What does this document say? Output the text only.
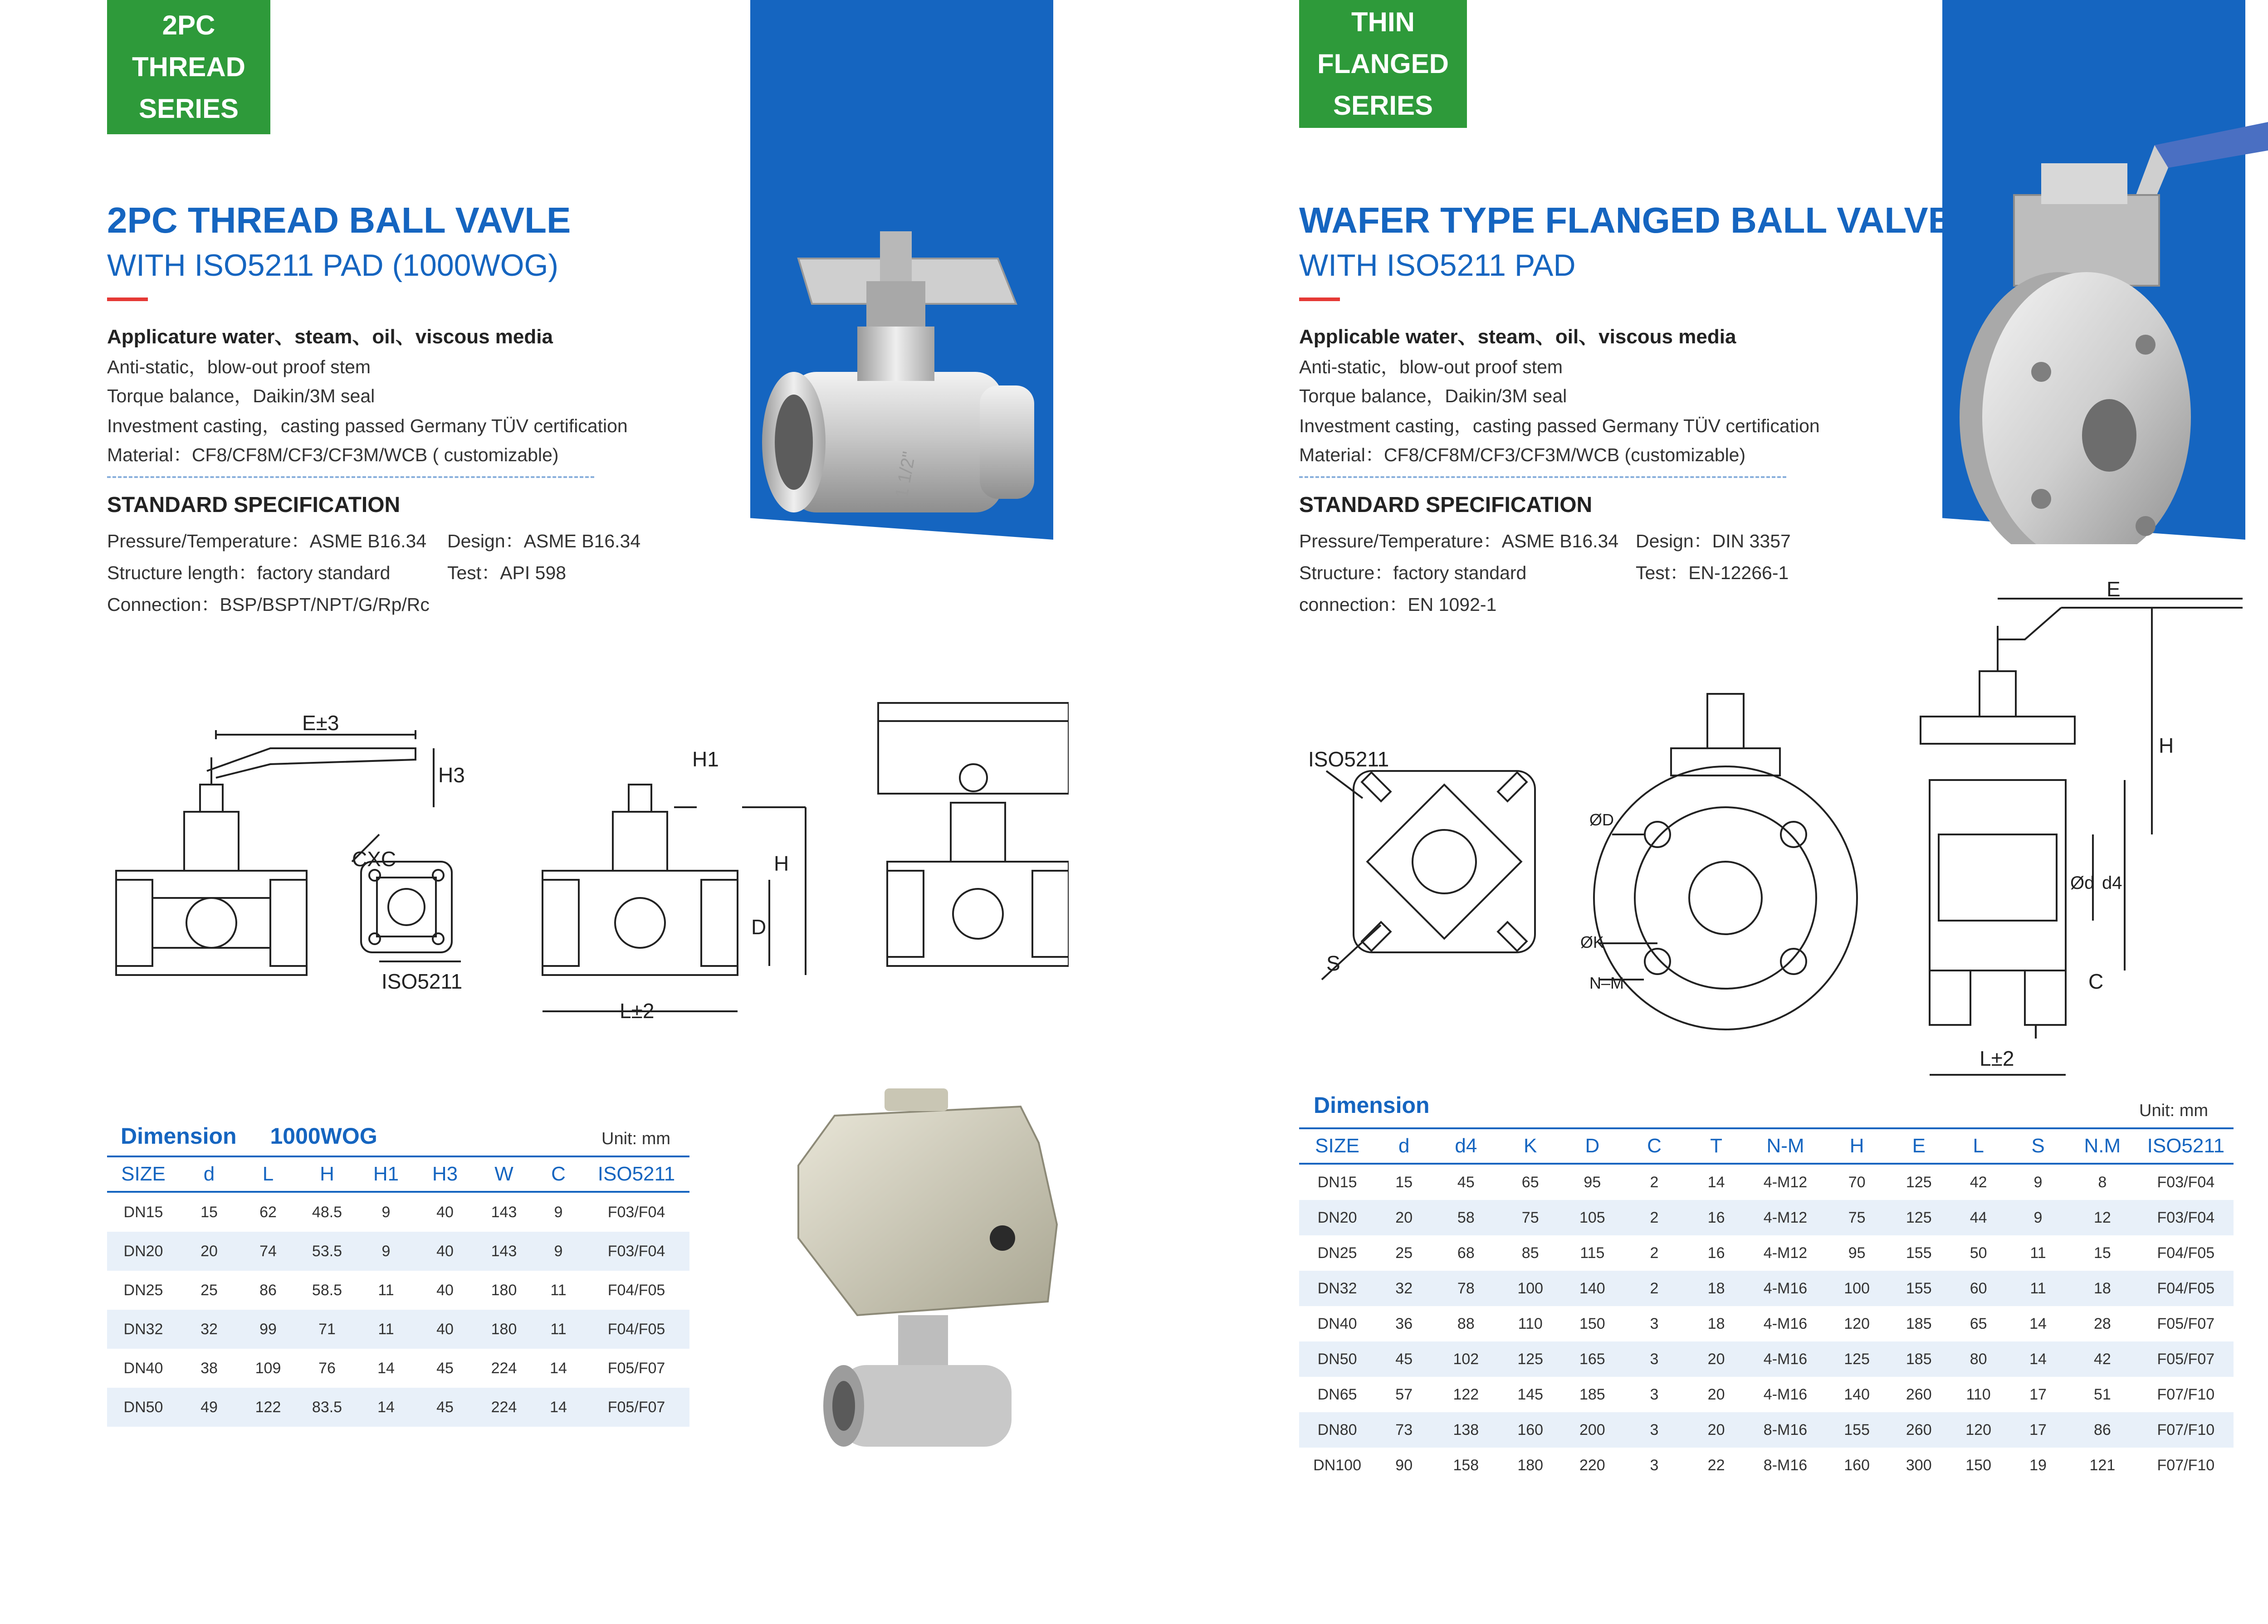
2PC THREAD
SERIES
2PC THREAD BALL VAVLE
WITH ISO5211 PAD (1000WOG)
Applicature water、steam、oil、viscous media
Anti-static，blow-out proof stem
Torque balance，Daikin/3M seal
Investment casting，casting passed Germany TÜV certification
Material：CF8/CF8M/CF3/CF3M/WCB ( customizable)
STANDARD SPECIFICATION
Pressure/Temperature：ASME B16.34 Design：ASME B16.34
Structure length：factory standard	Test：API 598
Connection：BSP/BSPT/NPT/G/Rp/Rc
1 1/2"
E±3
H3
CXC
ISO5211
H1
H
D
L±2
Dimension 1000WOG	Unit: mm
SIZE	d	L	H	H1	H3	W	C	ISO5211
DN15	15	62	48.5	9	40	143	9	F03/F04
DN20	20	74	53.5	9	40	143	9	F03/F04
DN25	25	86	58.5	11	40	180	11	F04/F05
DN32	32	99	71	11	40	180	11	F04/F05
DN40	38	109	76	14	45	224	14	F05/F07
DN50	49	122	83.5	14	45	224	14	F05/F07
THIN FLANGED
SERIES
WAFER TYPE FLANGED BALL VALVE
WITH ISO5211 PAD
Applicable water、steam、oil、viscous media
Anti-static，blow-out proof stem
Torque balance，Daikin/3M seal
Investment casting，casting passed Germany TÜV certification
Material：CF8/CF8M/CF3/CF3M/WCB (customizable)
STANDARD SPECIFICATION
Pressure/Temperature：ASME B16.34 Design：DIN 3357
Structure：factory standard	Test：EN-12266-1
connection：EN 1092-1
ISO5211
S
ØD
ØK
N–M
E
H
Ød d4
C
T
L±2
Dimension	Unit: mm
SIZE	d	d4	K	D	C	T	N-M	H	E	L	S	N.M	ISO5211
DN15	15	45	65	95	2	14	4-M12	70	125	42	9	8	F03/F04
DN20	20	58	75	105	2	16	4-M12	75	125	44	9	12	F03/F04
DN25	25	68	85	115	2	16	4-M12	95	155	50	11	15	F04/F05
DN32	32	78	100	140	2	18	4-M16	100	155	60	11	18	F04/F05
DN40	36	88	110	150	3	18	4-M16	120	185	65	14	28	F05/F07
DN50	45	102	125	165	3	20	4-M16	125	185	80	14	42	F05/F07
DN65	57	122	145	185	3	20	4-M16	140	260	110	17	51	F07/F10
DN80	73	138	160	200	3	20	8-M16	155	260	120	17	86	F07/F10
DN100	90	158	180	220	3	22	8-M16	160	300	150	19	121	F07/F10
